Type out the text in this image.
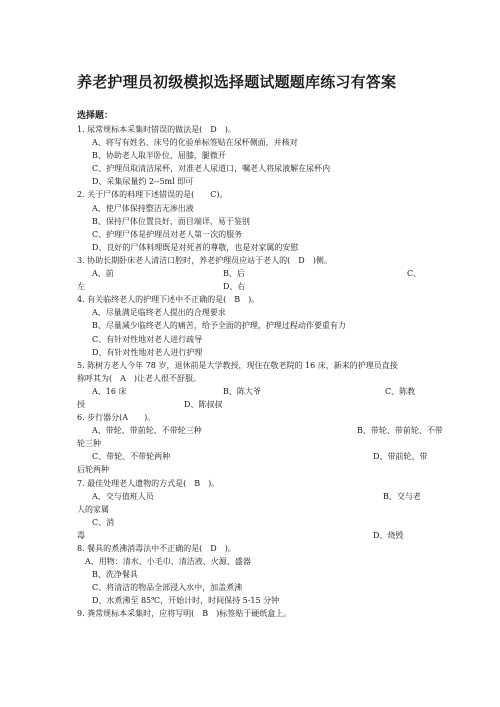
养老护理员初级模拟选择题试题题库练习有答案
选择题：
1. 尿常规标本采集时错误的做法是(　D　)。
A、将写有姓名、床号的化验单标签贴在尿杯侧面，并核对
B、协助老人取半卧位，屈膝，腿微开
C、护理员取清洁尿杯，对准老人尿道口，嘱老人将尿液解在尿杯内
D、采集尿量约 2--5ml 即可
2. 关于尸体的料理下述错误的是(　　C)。
A、使尸体保持整洁无渗出液
B、保持尸体位置良好，面目端详，易于鉴别
C、护理尸体是护理员对老人第一次的服务
D、良好的尸体料理既是对死者的尊敬，也是对家属的安慰
3. 协助长期卧床老人清洁口腔时，养老护理员应站于老人的(　D　)侧。
A、前	B、后	C、
左	D、右
4. 有关临终老人的护理下述中不正确的是(　B　)。
A、尽量满足临终老人提出的合理要求
B、尽量减少临终老人的痛苦，给予全面的护理，护理过程动作要重有力
C、有针对性地对老人进行疏导
D、有针对性地对老人进行护理
5. 陈树方老人今年 78 岁，退休前是大学教授，现住在敬老院的 16 床，新来的护理员直接
称呼其为(　A　)让老人很不舒服。
A、16 床	B、陈大爷	C、陈教
授	D、陈叔叔
6. 步行器分(A　　)。
A、带轮、带前轮、不带轮三种	B、带轮、带前轮、不带
轮三种
C、带轮、不带轮两种	D、带前轮、带
后轮两种
7. 最佳处理老人遗物的方式是(　B　)。
A、交与值班人员	B、交与老
人的家属
C、消
毒	D、烧毁
8. 餐具的煮沸消毒法中不正确的是(　D　)。
A、用物：清水、小毛巾、清洁液、火源、盛器
B、洗净餐具
C、将清洁的物品全部浸入水中，加盖煮沸
D、水煮沸至 85℃，开始计时，时间保持 5-15 分钟
9. 粪常规标本采集时，应将写明(　B　)标签贴于硬纸盒上。
